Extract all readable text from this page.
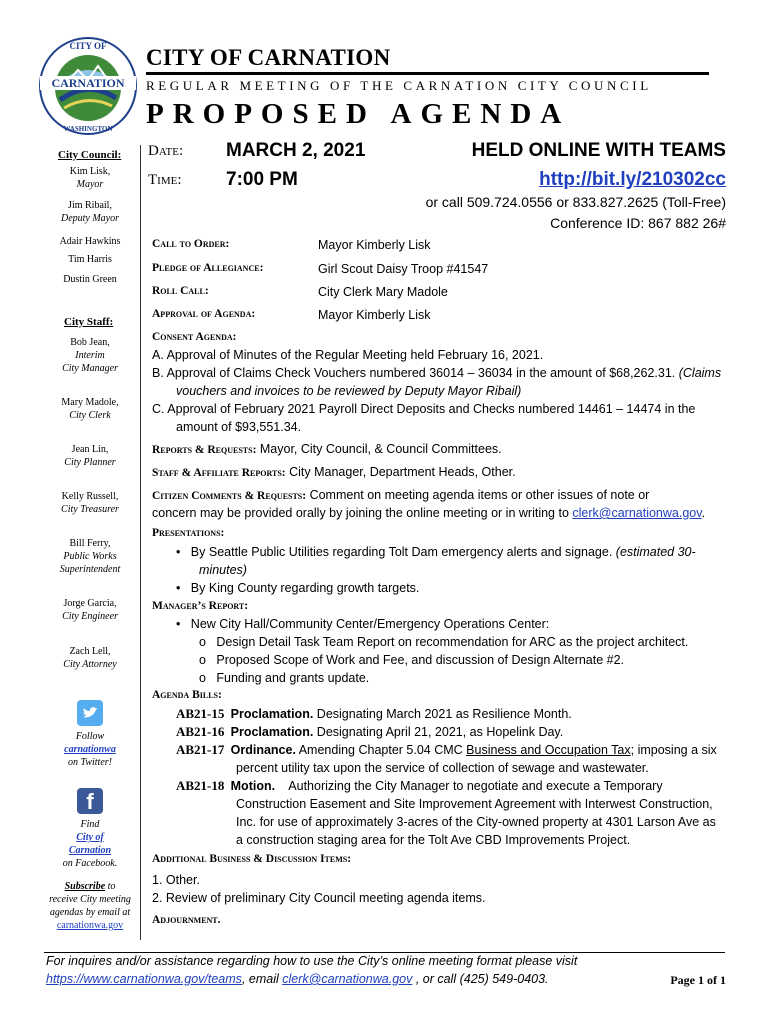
CITY OF
CARNATION
WASHINGTON
CITY OF CARNATION
REGULAR MEETING OF THE CARNATION CITY COUNCIL
PROPOSED AGENDA
City Council:
Kim Lisk,
Mayor
Jim Ribail,
Deputy Mayor
Adair Hawkins
Tim Harris
Dustin Green
City Staff:
Bob Jean,
Interim
City Manager
Mary Madole,
City Clerk
Jean Lin,
City Planner
Kelly Russell,
City Treasurer
Bill Ferry,
Public Works
Superintendent
Jorge Garcia,
City Engineer
Zach Lell,
City Attorney
Follow
carnationwa
on Twitter!
f
Find
City of
Carnation
on Facebook.
Subscribe to
receive City meeting
agendas by email at
carnationwa.gov
Date: MARCH 2, 2021
Time: 7:00 PM
HELD ONLINE WITH TEAMS
http://bit.ly/210302cc
or call 509.724.0556 or 833.827.2625 (Toll-Free)
Conference ID: 867 882 26#
Call to Order:	Mayor Kimberly Lisk
Pledge of Allegiance:	Girl Scout Daisy Troop #41547
Roll Call:	City Clerk Mary Madole
Approval of Agenda:	Mayor Kimberly Lisk
Consent Agenda:
A. Approval of Minutes of the Regular Meeting held February 16, 2021.
B. Approval of Claims Check Vouchers numbered 36014 – 36034 in the amount of $68,262.31. (Claims
vouchers and invoices to be reviewed by Deputy Mayor Ribail)
C. Approval of February 2021 Payroll Direct Deposits and Checks numbered 14461 – 14474 in the
amount of $93,551.34.
Reports & Requests: Mayor, City Council, & Council Committees.
Staff & Affiliate Reports: City Manager, Department Heads, Other.
Citizen Comments & Requests: Comment on meeting agenda items or other issues of note or
concern may be provided orally by joining the online meeting or in writing to clerk@carnationwa.gov.
Presentations:
•   By Seattle Public Utilities regarding Tolt Dam emergency alerts and signage. (estimated 30-
minutes)
•   By King County regarding growth targets.
Manager’s Report:
•   New City Hall/Community Center/Emergency Operations Center:
o   Design Detail Task Team Report on recommendation for ARC as the project architect.
o   Proposed Scope of Work and Fee, and discussion of Design Alternate #2.
o   Funding and grants update.
Agenda Bills:
AB21-15 Proclamation. Designating March 2021 as Resilience Month.
AB21-16 Proclamation. Designating April 21, 2021, as Hopelink Day.
AB21-17 Ordinance. Amending Chapter 5.04 CMC Business and Occupation Tax; imposing a six
percent utility tax upon the service of collection of sewage and wastewater.
AB21-18 Motion.    Authorizing the City Manager to negotiate and execute a Temporary
Construction Easement and Site Improvement Agreement with Interwest Construction,
Inc. for use of approximately 3-acres of the City-owned property at 4301 Larson Ave as
a construction staging area for the Tolt Ave CBD Improvements Project.
Additional Business & Discussion Items:
1. Other.
2. Review of preliminary City Council meeting agenda items.
Adjournment.
For inquires and/or assistance regarding how to use the City’s online meeting format please visit
https://www.carnationwa.gov/teams, email clerk@carnationwa.gov , or call (425) 549-0403.	Page 1 of 1
